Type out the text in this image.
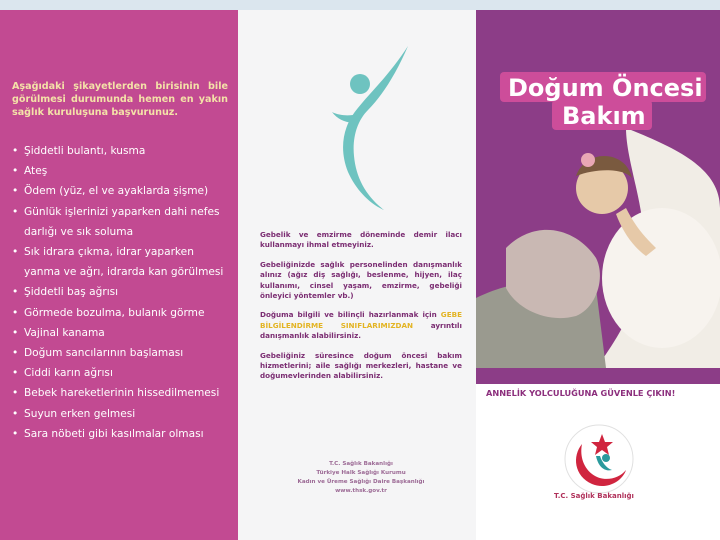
Aşağıdaki şikayetlerden birisinin bile görülmesi durumunda hemen en yakın sağlık kuruluşuna başvurunuz.

• Şiddetli bulantı, kusma
• Ateş
• Ödem (yüz, el ve ayaklarda şişme)
• Günlük işlerinizi yaparken dahi nefes darlığı ve sık soluma
• Sık idrara çıkma, idrar yaparken yanma ve ağrı, idrarda kan görülmesi
• Şiddetli baş ağrısı
• Görmede bozulma, bulanık görme
• Vajinal kanama
• Doğum sancılarının başlaması
• Ciddi karın ağrısı
• Bebek hareketlerinin hissedilmemesi
• Suyun erken gelmesi
• Sara nöbeti gibi kasılmalar olması

Gebelik ve emzirme döneminde demir ilacı kullanmayı ihmal etmeyiniz.

Gebeliğinizde sağlık personelinden danışmanlık alınız (ağız diş sağlığı, beslenme, hijyen, ilaç kullanımı, cinsel yaşam, emzirme, gebeliği önleyici yöntemler vb.)

Doğuma bilgili ve bilinçli hazırlanmak için GEBE BİLGİLENDİRME SINIFLARIMIZDAN ayrıntılı danışmanlık alabilirsiniz.

Gebeliğiniz süresince doğum öncesi bakım hizmetlerini; aile sağlığı merkezleri, hastane ve doğumevlerinden alabilirsiniz.

T.C. Sağlık Bakanlığı
Türkiye Halk Sağlığı Kurumu
Kadın ve Üreme Sağlığı Daire Başkanlığı
www.thsk.gov.tr
Doğum Öncesi
Bakım
ANNELİK YOLCULUĞUNA GÜVENLE ÇIKIN!
T.C. Sağlık Bakanlığı
